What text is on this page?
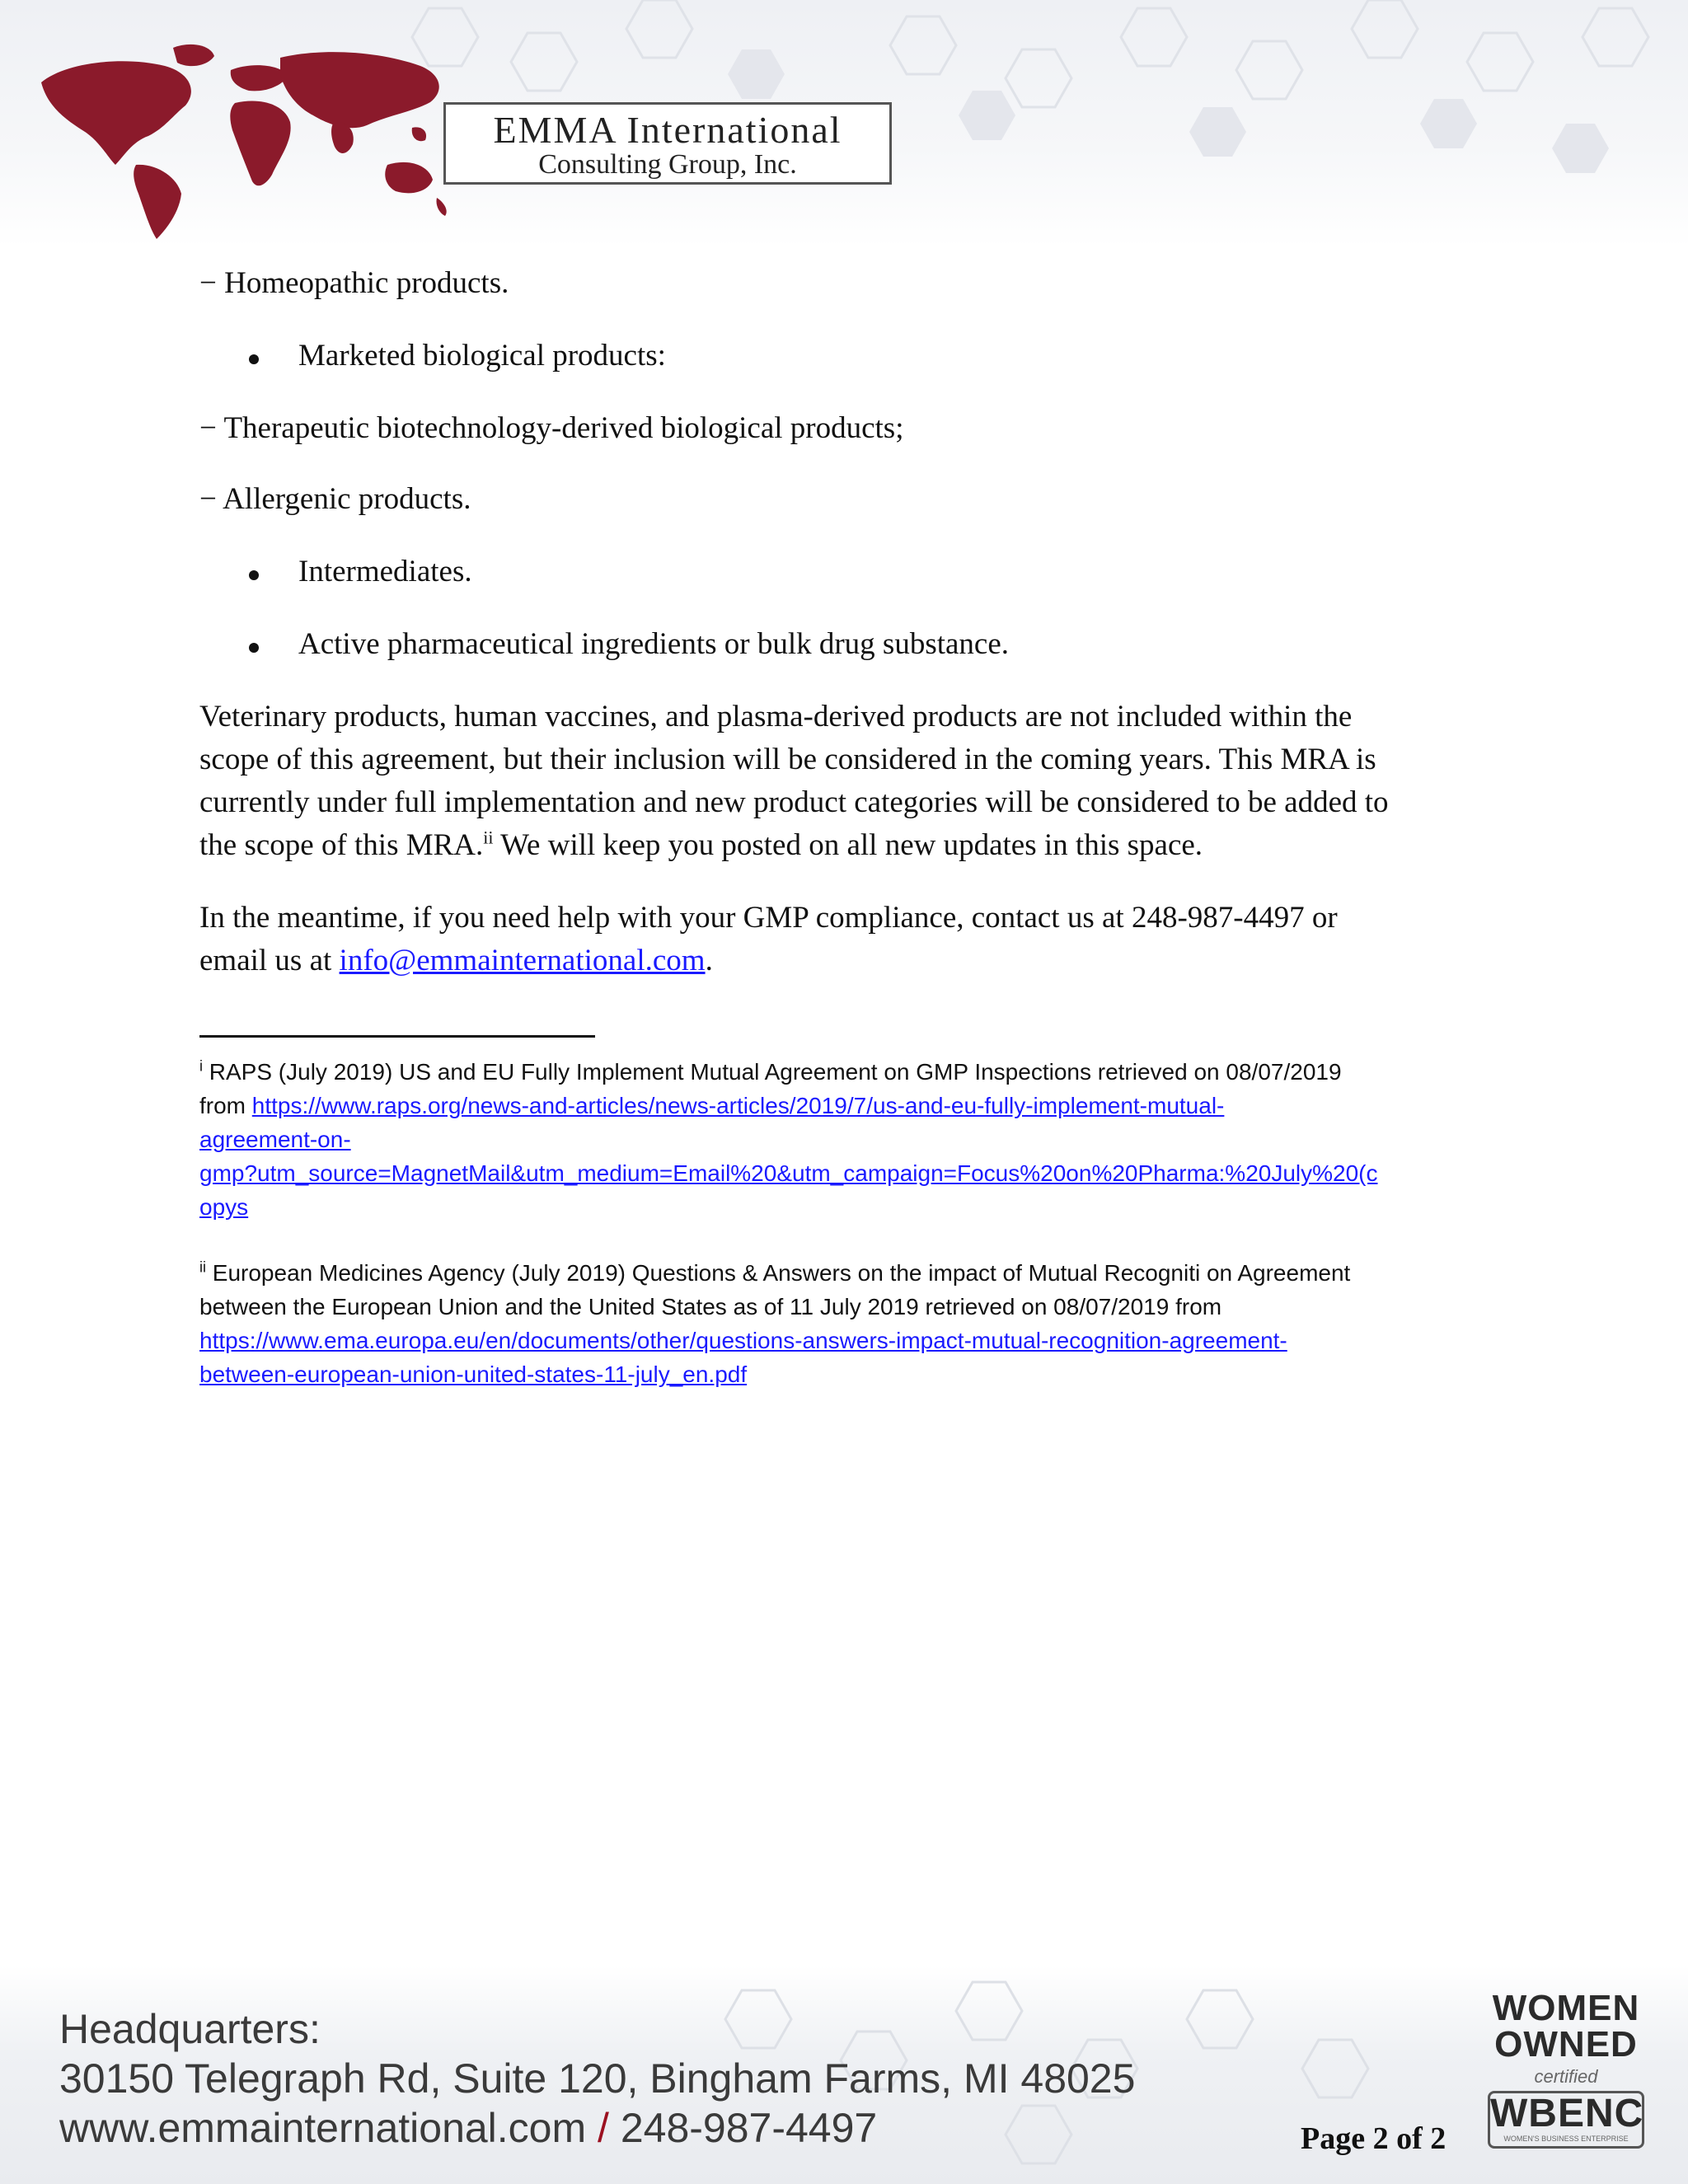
EMMA International
Consulting Group, Inc.
− Homeopathic products.
Marketed biological products:
− Therapeutic biotechnology-derived biological products;
− Allergenic products.
Intermediates.
Active pharmaceutical ingredients or bulk drug substance.
Veterinary products, human vaccines, and plasma-derived products are not included within the
scope of this agreement, but their inclusion will be considered in the coming years. This MRA is
currently under full implementation and new product categories will be considered to be added to
the scope of this MRA.$^{ii}$ We will keep you posted on all new updates in this space.
In the meantime, if you need help with your GMP compliance, contact us at 248-987-4497 or
email us at info@emmainternational.com.
$^i$ RAPS (July 2019) US and EU Fully Implement Mutual Agreement on GMP Inspections retrieved on 08/07/2019
from https://www.raps.org/news-and-articles/news-articles/2019/7/us-and-eu-fully-implement-mutual-
agreement-on-
gmp?utm_source=MagnetMail&utm_medium=Email%20&utm_campaign=Focus%20on%20Pharma:%20July%20(c
opys
$^{ii}$ European Medicines Agency (July 2019) Questions & Answers on the impact of Mutual Recogniti on Agreement
between the European Union and the United States as of 11 July 2019 retrieved on 08/07/2019 from
https://www.ema.europa.eu/en/documents/other/questions-answers-impact-mutual-recognition-agreement-
between-european-union-united-states-11-july_en.pdf
Headquarters:
30150 Telegraph Rd, Suite 120, Bingham Farms, MI 48025
www.emmainternational.com / 248-987-4497	Page 2 of 2
WOMEN
OWNED
certified
WBENC
WOMEN'S BUSINESS ENTERPRISE
